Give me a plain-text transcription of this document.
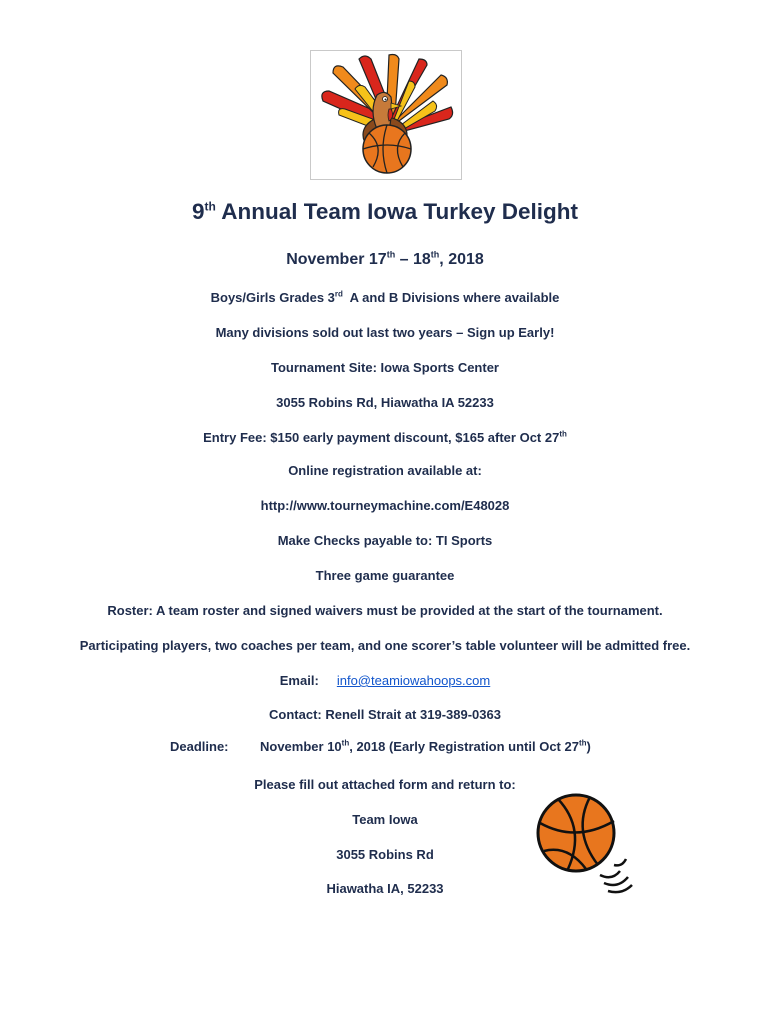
9th Annual Team Iowa Turkey Delight
November 17th – 18th, 2018
Boys/Girls Grades 3rd  A and B Divisions where available
Many divisions sold out last two years – Sign up Early!
Tournament Site: Iowa Sports Center
3055 Robins Rd, Hiawatha IA 52233
Entry Fee: $150 early payment discount, $165 after Oct 27th
Online registration available at:
http://www.tourneymachine.com/E48028
Make Checks payable to: TI Sports
Three game guarantee
Roster: A team roster and signed waivers must be provided at the start of the tournament.
Participating players, two coaches per team, and one scorer’s table volunteer will be admitted free.
Email: info@teamiowahoops.com
Contact: Renell Strait at 319-389-0363
Deadline: November 10th, 2018 (Early Registration until Oct 27th)
Please fill out attached form and return to:
Team Iowa
3055 Robins Rd
Hiawatha IA, 52233
